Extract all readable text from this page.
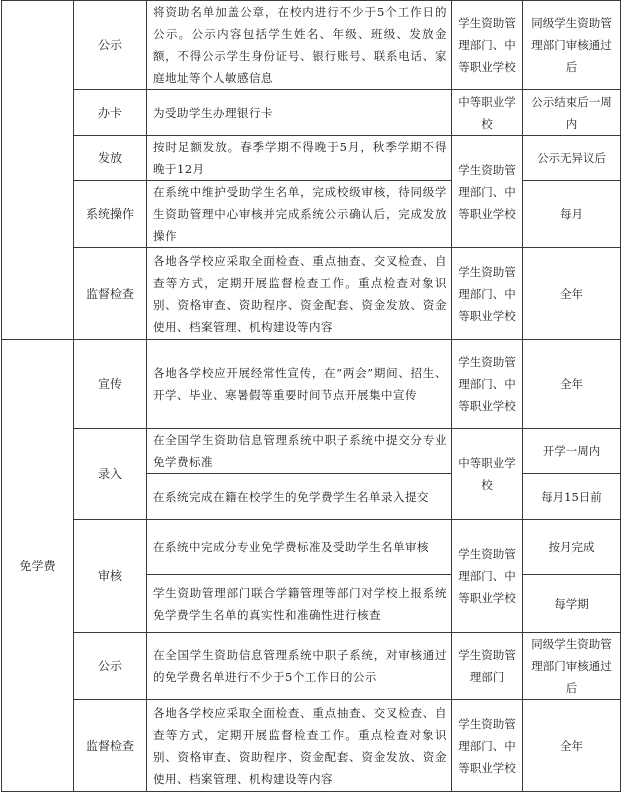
	公示	将资助名单加盖公章，在校内进行不少于5个工作日的公示。公示内容包括学生姓名、年级、班级、发放金额，不得公示学生身份证号、银行账号、联系电话、家庭地址等个人敏感信息	学生资助管理部门、中等职业学校	同级学生资助管理部门审核通过后
	办卡	为受助学生办理银行卡	中等职业学校	公示结束后一周内
	发放	按时足额发放。春季学期不得晚于5月，秋季学期不得晚于12月	学生资助管理部门、中等职业学校	公示无异议后
	系统操作	在系统中维护受助学生名单，完成校级审核，待同级学生资助管理中心审核并完成系统公示确认后，完成发放操作		每月
	监督检查	各地各学校应采取全面检查、重点抽查、交叉检查、自查等方式，定期开展监督检查工作。重点检查对象识别、资格审查、资助程序、资金配套、资金发放、资金使用、档案管理、机构建设等内容	学生资助管理部门、中等职业学校	全年
免学费	宣传	各地各学校应开展经常性宣传，在“两会”期间、招生、开学、毕业、寒暑假等重要时间节点开展集中宣传	学生资助管理部门、中等职业学校	全年
	录入	在全国学生资助信息管理系统中职子系统中提交分专业免学费标准	中等职业学校	开学一周内
		在系统完成在籍在校学生的免学费学生名单录入提交		每月15日前
	审核	在系统中完成分专业免学费标准及受助学生名单审核	学生资助管理部门、中等职业学校	按月完成
		学生资助管理部门联合学籍管理等部门对学校上报系统免学费学生名单的真实性和准确性进行核查		每学期
	公示	在全国学生资助信息管理系统中职子系统，对审核通过的免学费名单进行不少于5个工作日的公示	学生资助管理部门	同级学生资助管理部门审核通过后
	监督检查	各地各学校应采取全面检查、重点抽查、交叉检查、自查等方式，定期开展监督检查工作。重点检查对象识别、资格审查、资助程序、资金配套、资金发放、资金使用、档案管理、机构建设等内容	学生资助管理部门、中等职业学校	全年
